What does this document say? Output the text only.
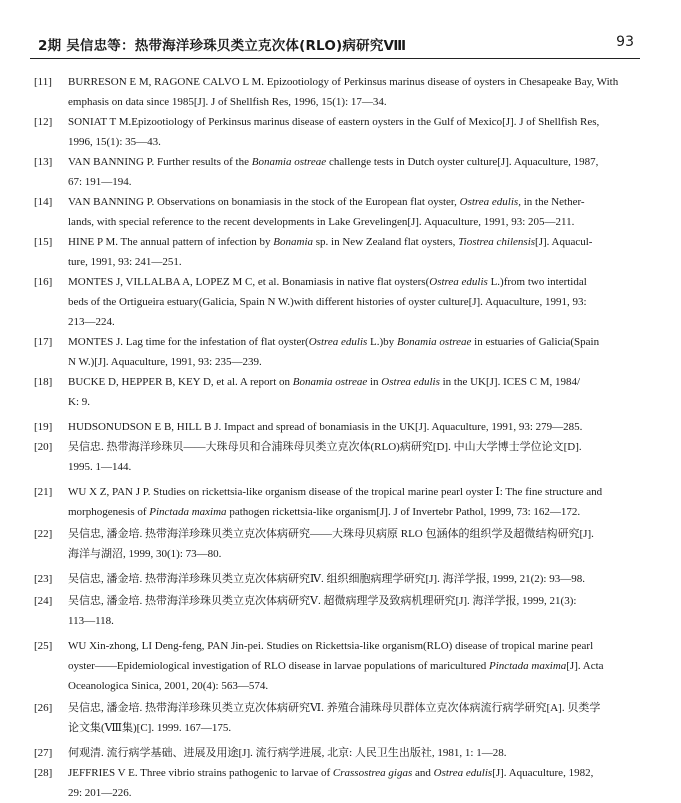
2期 吴信忠等：热带海洋珍珠贝类立克次体(RLO)病研究Ⅷ	93
[11] BURRESON E M, RAGONE CALVO L M. Epizootiology of Perkinsus marinus disease of oysters in Chesapeake Bay, With
emphasis on data since 1985[J]. J of Shellfish Res, 1996, 15(1): 17—34.
[12] SONIAT T M.Epizootiology of Perkinsus marinus disease of eastern oysters in the Gulf of Mexico[J]. J of Shellfish Res,
1996, 15(1): 35—43.
[13] VAN BANNING P. Further results of the Bonamia ostreae challenge tests in Dutch oyster culture[J]. Aquaculture, 1987,
67: 191—194.
[14] VAN BANNING P. Observations on bonamiasis in the stock of the European flat oyster, Ostrea edulis, in the Nether-
lands, with special reference to the recent developments in Lake Grevelingen[J]. Aquaculture, 1991, 93: 205—211.
[15] HINE P M. The annual pattern of infection by Bonamia sp. in New Zealand flat oysters, Tiostrea chilensis[J]. Aquacul-
ture, 1991, 93: 241—251.
[16] MONTES J, VILLALBA A, LOPEZ M C, et al. Bonamiasis in native flat oysters(Ostrea edulis L.)from two intertidal
beds of the Ortigueira estuary(Galicia, Spain N W.)with different histories of oyster culture[J]. Aquaculture, 1991, 93:
213—224.
[17] MONTES J. Lag time for the infestation of flat oyster(Ostrea edulis L.)by Bonamia ostreae in estuaries of Galicia(Spain
N W.)[J]. Aquaculture, 1991, 93: 235—239.
[18] BUCKE D, HEPPER B, KEY D, et al. A report on Bonamia ostreae in Ostrea edulis in the UK[J]. ICES C M, 1984/
K: 9.
[19] HUDSONUDSON E B, HILL B J. Impact and spread of bonamiasis in the UK[J]. Aquaculture, 1991, 93: 279—285.
[20] 吴信忠. 热带海洋珍珠贝——大珠母贝和合浦珠母贝类立克次体(RLO)病研究[D]. 中山大学博士学位论文[D].
1995. 1—144.
[21] WU X Z, PAN J P. Studies on rickettsia-like organism disease of the tropical marine pearl oyster Ⅰ: The fine structure and
morphogenesis of Pinctada maxima pathogen rickettsia-like organism[J]. J of Invertebr Pathol, 1999, 73: 162—172.
[22] 吴信忠, 潘金培. 热带海洋珍珠贝类立克次体病研究——大珠母贝病原 RLO 包涵体的组织学及超微结构研究[J].
海洋与湖沼, 1999, 30(1): 73—80.
[23] 吴信忠, 潘金培. 热带海洋珍珠贝类立克次体病研究Ⅳ. 组织细胞病理学研究[J]. 海洋学报, 1999, 21(2): 93—98.
[24] 吴信忠, 潘金培. 热带海洋珍珠贝类立克次体病研究Ⅴ. 超微病理学及致病机理研究[J]. 海洋学报, 1999, 21(3):
113—118.
[25] WU Xin-zhong, LI Deng-feng, PAN Jin-pei. Studies on Rickettsia-like organism(RLO) disease of tropical marine pearl
oyster——Epidemiological investigation of RLO disease in larvae populations of maricultured Pinctada maxima[J]. Acta
Oceanologica Sinica, 2001, 20(4): 563—574.
[26] 吴信忠, 潘金培. 热带海洋珍珠贝类立克次体病研究Ⅵ. 养殖合浦珠母贝群体立克次体病流行病学研究[A]. 贝类学
论文集(Ⅷ集)[C]. 1999. 167—175.
[27] 何观清. 流行病学基础、进展及用途[J]. 流行病学进展, 北京: 人民卫生出版社, 1981, 1: 1—28.
[28] JEFFRIES V E. Three vibrio strains pathogenic to larvae of Crassostrea gigas and Ostrea edulis[J]. Aquaculture, 1982,
29: 201—226.
